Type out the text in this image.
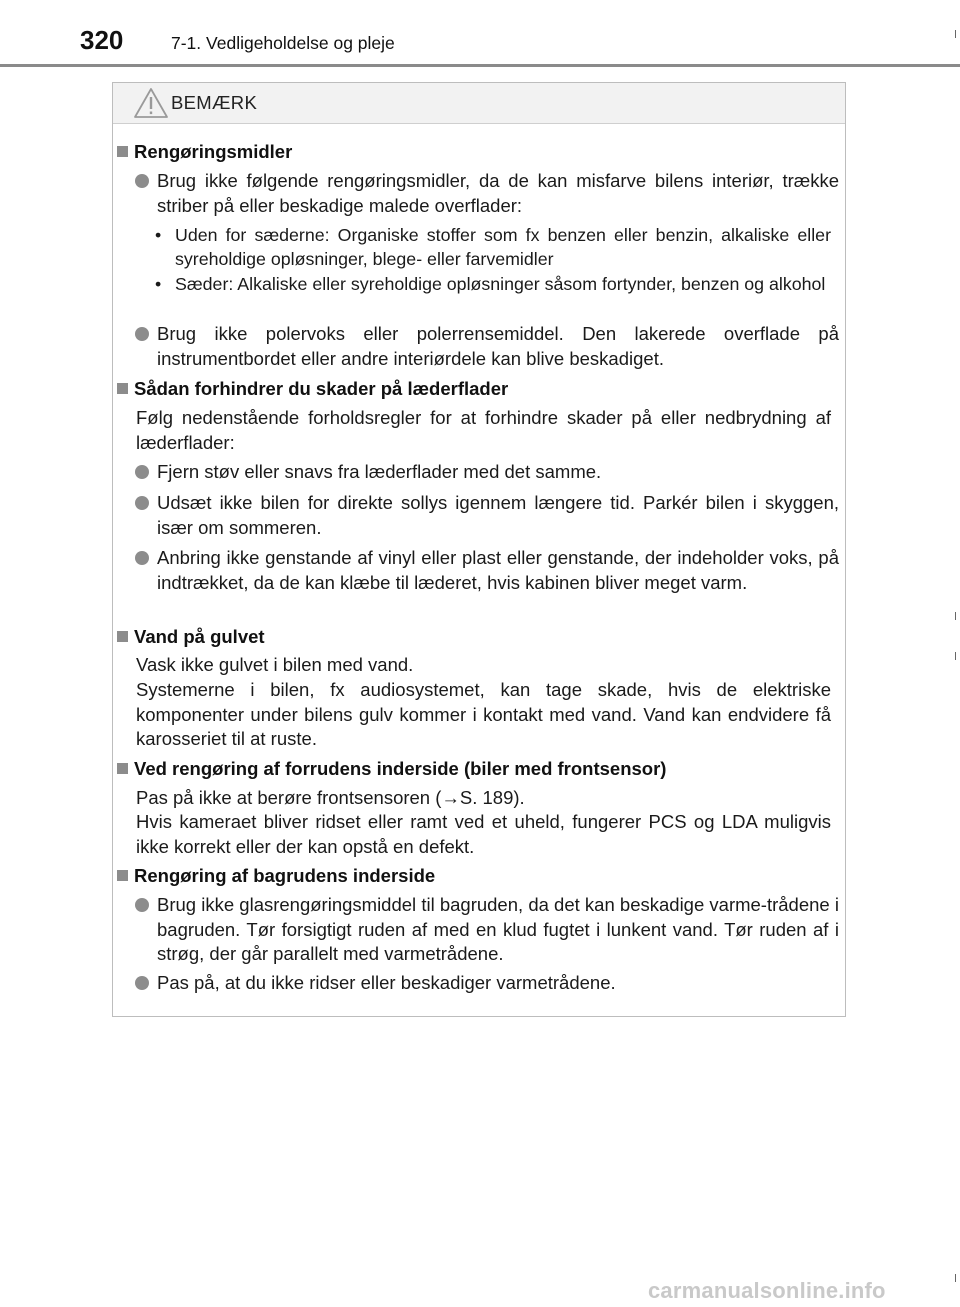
320	7-1. Vedligeholdelse og pleje
BEMÆRK
Rengøringsmidler
Brug ikke følgende rengøringsmidler, da de kan misfarve bilens interiør, trække striber på eller beskadige malede overflader:
• Uden for sæderne: Organiske stoffer som fx benzen eller benzin, alkaliske eller syreholdige opløsninger, blege- eller farvemidler
• Sæder: Alkaliske eller syreholdige opløsninger såsom fortynder, benzen og alkohol
Brug ikke polervoks eller polerrensemiddel. Den lakerede overflade på instrumentbordet eller andre interiørdele kan blive beskadiget.
Sådan forhindrer du skader på læderflader
Følg nedenstående forholdsregler for at forhindre skader på eller nedbrydning af læderflader:
Fjern støv eller snavs fra læderflader med det samme.
Udsæt ikke bilen for direkte sollys igennem længere tid. Parkér bilen i skyggen, især om sommeren.
Anbring ikke genstande af vinyl eller plast eller genstande, der indeholder voks, på indtrækket, da de kan klæbe til læderet, hvis kabinen bliver meget varm.
Vand på gulvet
Vask ikke gulvet i bilen med vand.
Systemerne i bilen, fx audiosystemet, kan tage skade, hvis de elektriske komponenter under bilens gulv kommer i kontakt med vand. Vand kan endvidere få karosseriet til at ruste.
Ved rengøring af forrudens inderside (biler med frontsensor)
Pas på ikke at berøre frontsensoren (→S. 189).
Hvis kameraet bliver ridset eller ramt ved et uheld, fungerer PCS og LDA muligvis ikke korrekt eller der kan opstå en defekt.
Rengøring af bagrudens inderside
Brug ikke glasrengøringsmiddel til bagruden, da det kan beskadige varme-trådene i bagruden. Tør forsigtigt ruden af med en klud fugtet i lunkent vand. Tør ruden af i strøg, der går parallelt med varmetrådene.
Pas på, at du ikke ridser eller beskadiger varmetrådene.
carmanualsonline.info
